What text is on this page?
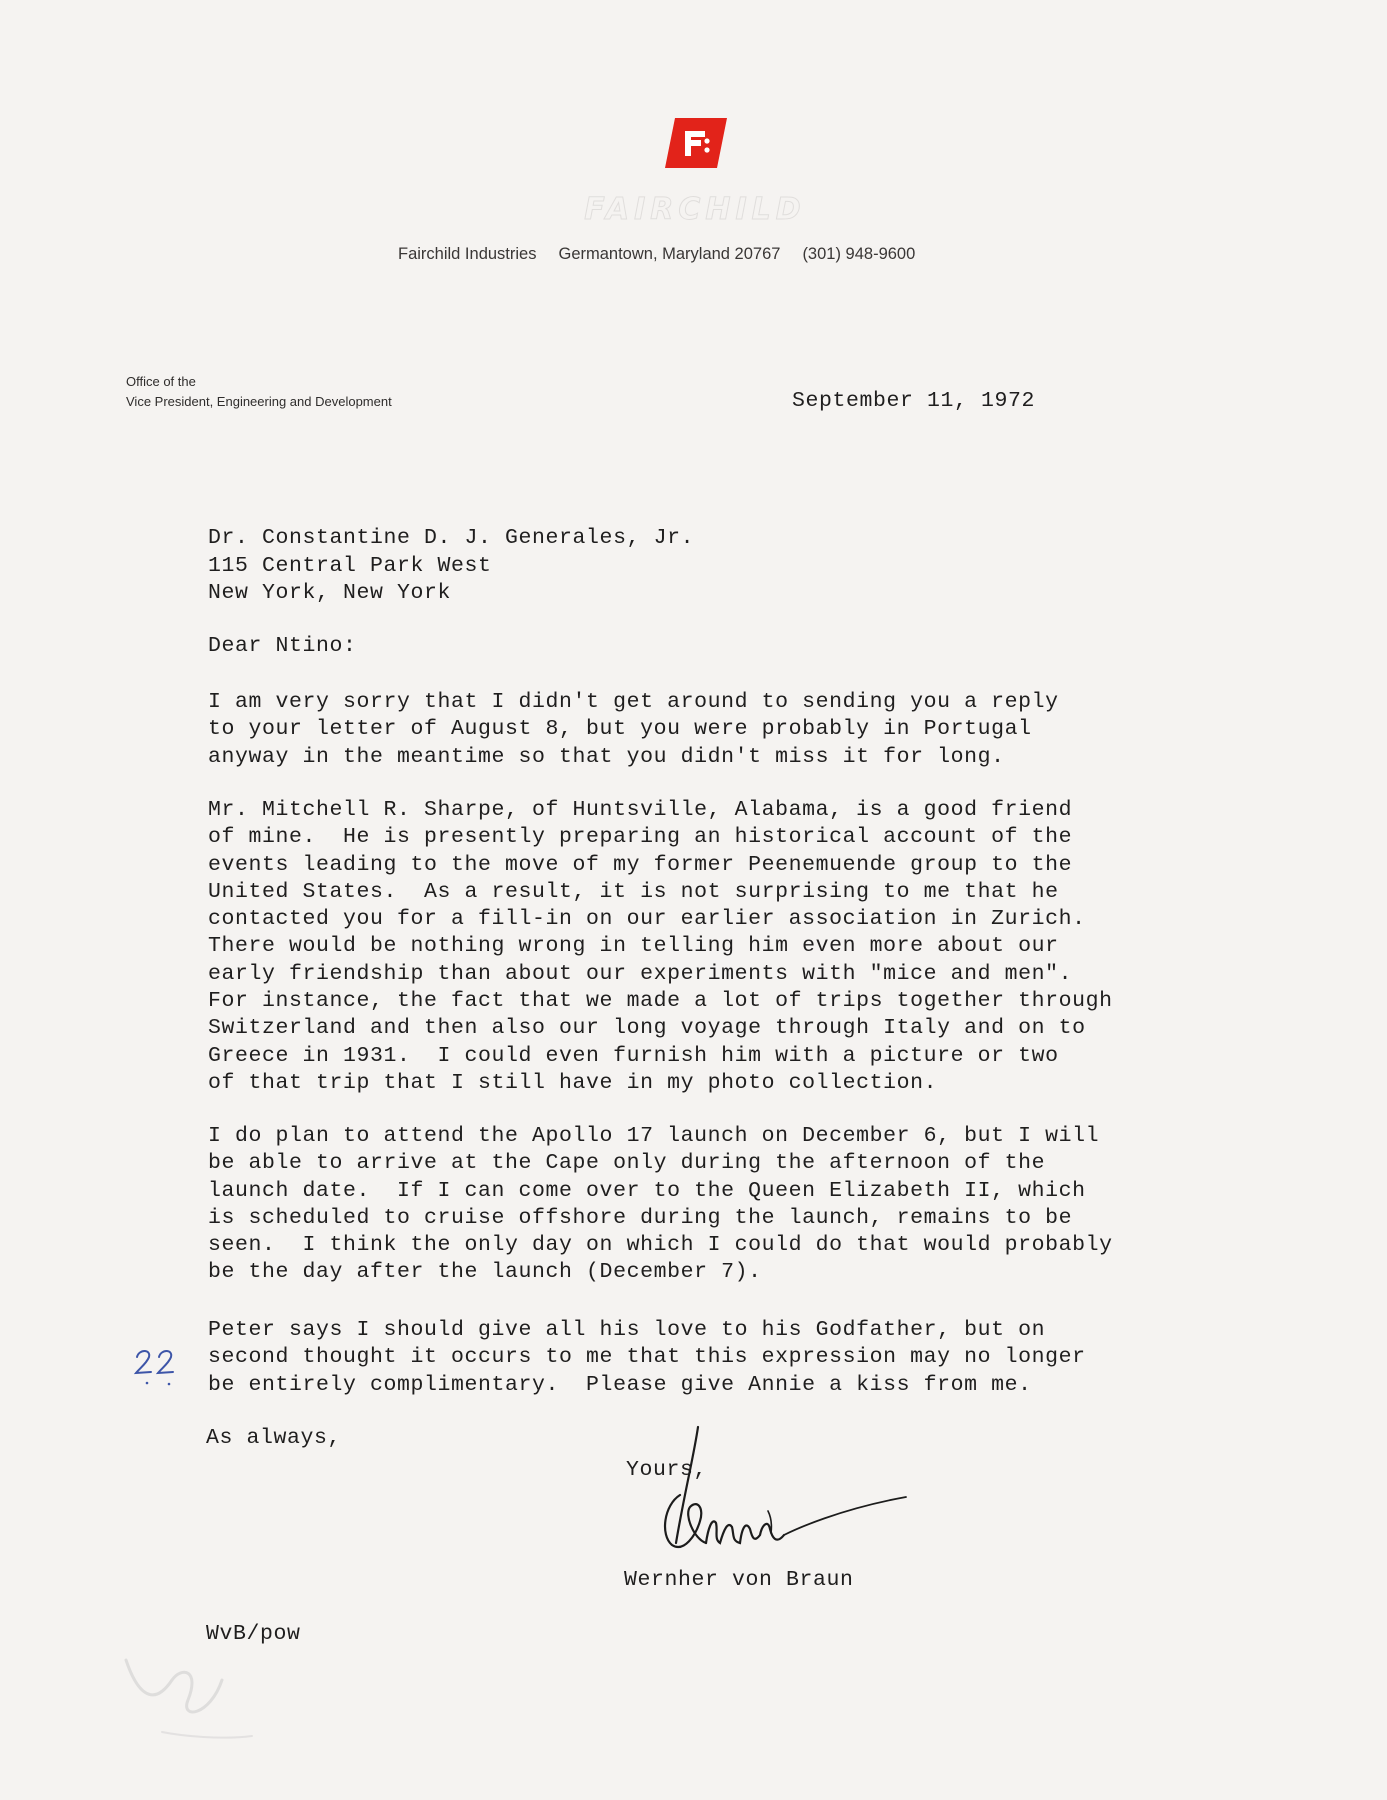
FAIRCHILD
Fairchild Industries Germantown, Maryland 20767 (301) 948-9600
Office of the
Vice President, Engineering and Development	September 11, 1972
Dr. Constantine D. J. Generales, Jr.
115 Central Park West
New York, New York
Dear Ntino:
I am very sorry that I didn't get around to sending you a reply
to your letter of August 8, but you were probably in Portugal
anyway in the meantime so that you didn't miss it for long.
Mr. Mitchell R. Sharpe, of Huntsville, Alabama, is a good friend
of mine.  He is presently preparing an historical account of the
events leading to the move of my former Peenemuende group to the
United States.  As a result, it is not surprising to me that he
contacted you for a fill-in on our earlier association in Zurich.
There would be nothing wrong in telling him even more about our
early friendship than about our experiments with "mice and men".
For instance, the fact that we made a lot of trips together through
Switzerland and then also our long voyage through Italy and on to
Greece in 1931.  I could even furnish him with a picture or two
of that trip that I still have in my photo collection.
I do plan to attend the Apollo 17 launch on December 6, but I will
be able to arrive at the Cape only during the afternoon of the
launch date.  If I can come over to the Queen Elizabeth II, which
is scheduled to cruise offshore during the launch, remains to be
seen.  I think the only day on which I could do that would probably
be the day after the launch (December 7).
Peter says I should give all his love to his Godfather, but on
second thought it occurs to me that this expression may no longer
be entirely complimentary.  Please give Annie a kiss from me.
As always,
Yours,
Wernher von Braun
WvB/pow
